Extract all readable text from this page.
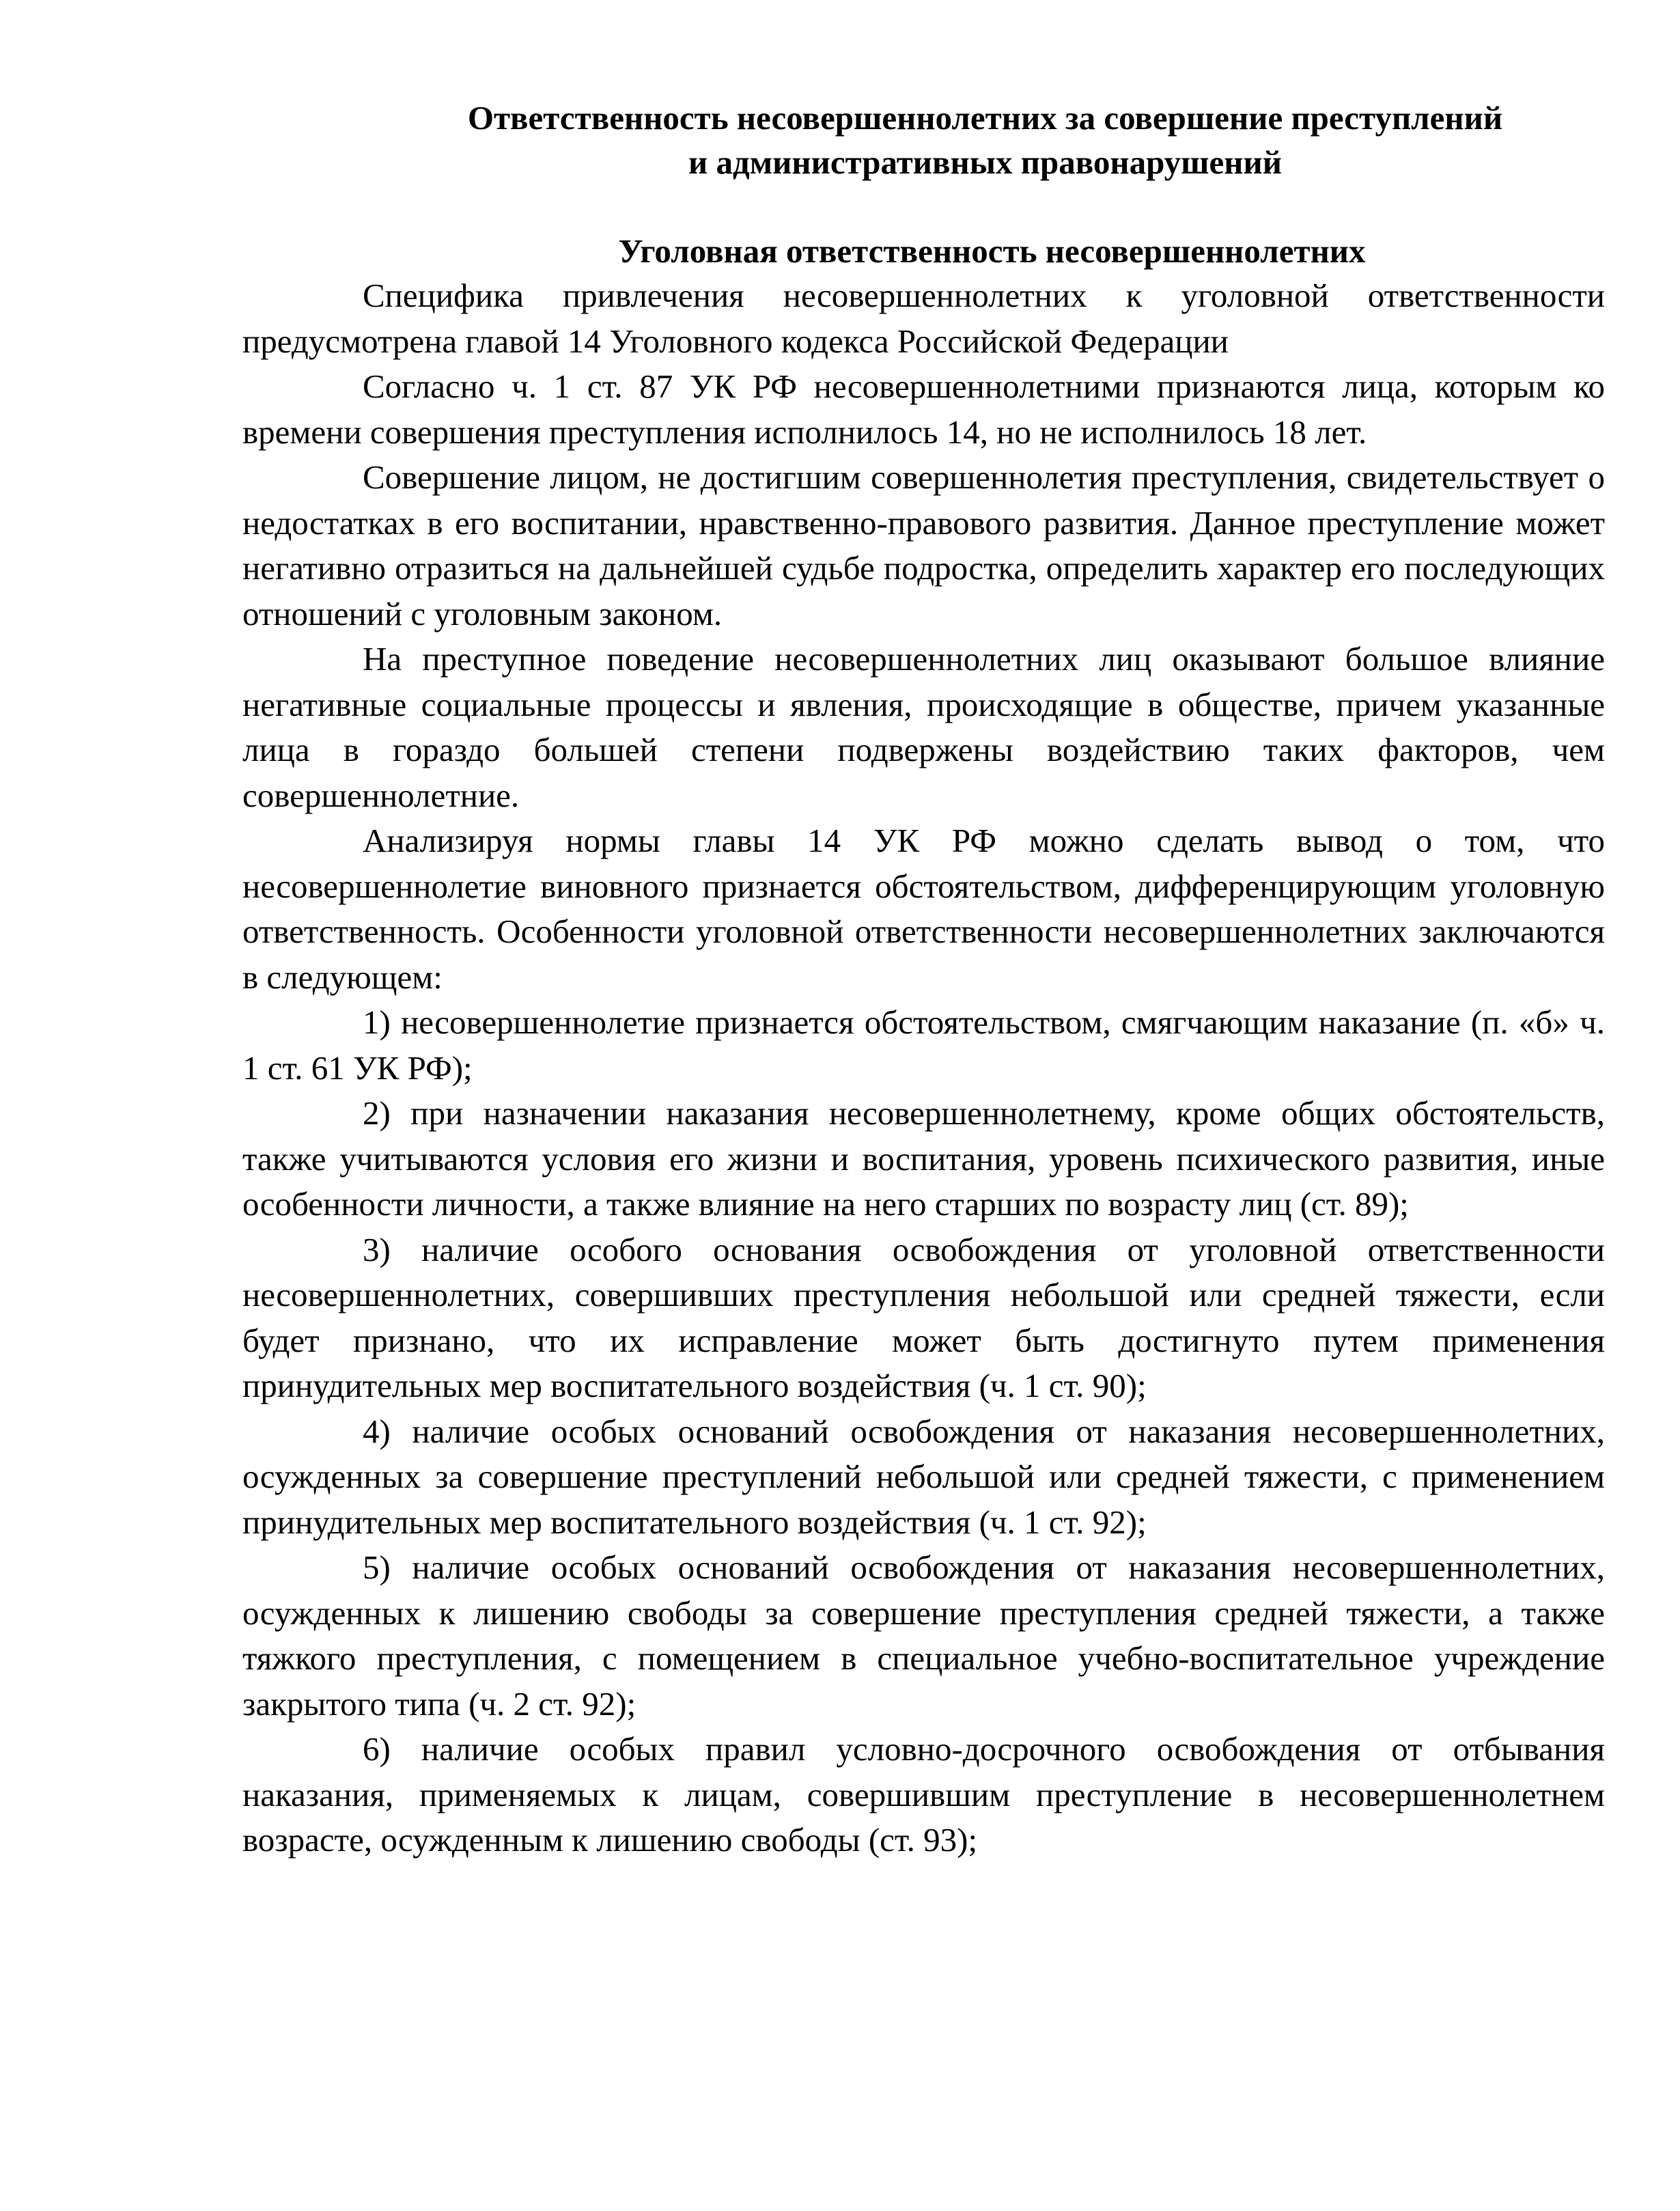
Ответственность несовершеннолетних за совершение преступлений
и административных правонарушений

Уголовная ответственность несовершеннолетних

Специфика привлечения несовершеннолетних к уголовной ответственности предусмотрена главой 14 Уголовного кодекса Российской Федерации

Согласно ч. 1 ст. 87 УК РФ несовершеннолетними признаются лица, которым ко времени совершения преступления исполнилось 14, но не исполнилось 18 лет.

Совершение лицом, не достигшим совершеннолетия преступления, свидетельствует о недостатках в его воспитании, нравственно-правового развития. Данное преступление может негативно отразиться на дальнейшей судьбе подростка, определить характер его последующих отношений с уголовным законом.

На преступное поведение несовершеннолетних лиц оказывают большое влияние негативные социальные процессы и явления, происходящие в обществе, причем указанные лица в гораздо большей степени подвержены воздействию таких факторов, чем совершеннолетние.

Анализируя нормы главы 14 УК РФ можно сделать вывод о том, что несовершеннолетие виновного признается обстоятельством, дифференцирующим уголовную ответственность. Особенности уголовной ответственности несовершеннолетних заключаются в следующем:

1) несовершеннолетие признается обстоятельством, смягчающим наказание (п. «б» ч. 1 ст. 61 УК РФ);

2) при назначении наказания несовершеннолетнему, кроме общих обстоятельств, также учитываются условия его жизни и воспитания, уровень психического развития, иные особенности личности, а также влияние на него старших по возрасту лиц (ст. 89);

3) наличие особого основания освобождения от уголовной ответственности несовершеннолетних, совершивших преступления небольшой или средней тяжести, если будет признано, что их исправление может быть достигнуто путем применения принудительных мер воспитательного воздействия (ч. 1 ст. 90);

4) наличие особых оснований освобождения от наказания несовершеннолетних, осужденных за совершение преступлений небольшой или средней тяжести, с применением принудительных мер воспитательного воздействия (ч. 1 ст. 92);

5) наличие особых оснований освобождения от наказания несовершеннолетних, осужденных к лишению свободы за совершение преступления средней тяжести, а также тяжкого преступления, с помещением в специальное учебно-воспитательное учреждение закрытого типа (ч. 2 ст. 92);

6) наличие особых правил условно-досрочного освобождения от отбывания наказания, применяемых к лицам, совершившим преступление в несовершеннолетнем возрасте, осужденным к лишению свободы (ст. 93);
